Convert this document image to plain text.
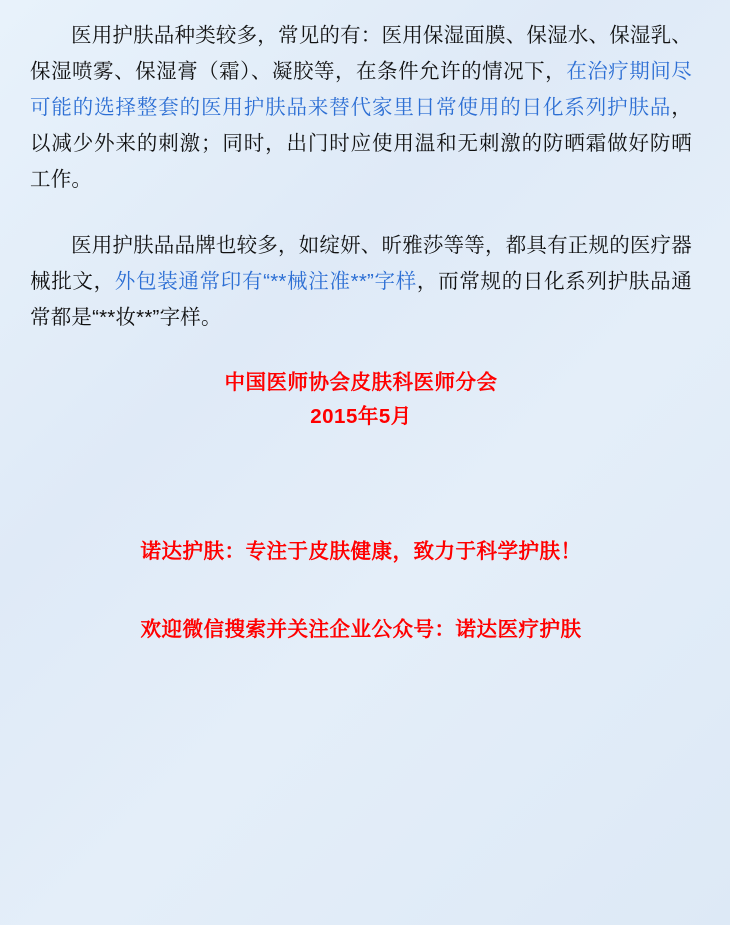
医用护肤品种类较多，常见的有：医用保湿面膜、保湿水、保湿乳、保湿喷雾、保湿膏（霜）、凝胶等，在条件允许的情况下，在治疗期间尽可能的选择整套的医用护肤品来替代家里日常使用的日化系列护肤品，以减少外来的刺激；同时，出门时应使用温和无刺激的防晒霜做好防晒工作。

医用护肤品品牌也较多，如绽妍、昕雅莎等等，都具有正规的医疗器械批文，外包装通常印有“**械注准**”字样，而常规的日化系列护肤品通常都是“**妆**”字样。

中国医师协会皮肤科医师分会
2015年5月
诺达护肤：专注于皮肤健康，致力于科学护肤！
欢迎微信搜索并关注企业公众号：诺达医疗护肤
